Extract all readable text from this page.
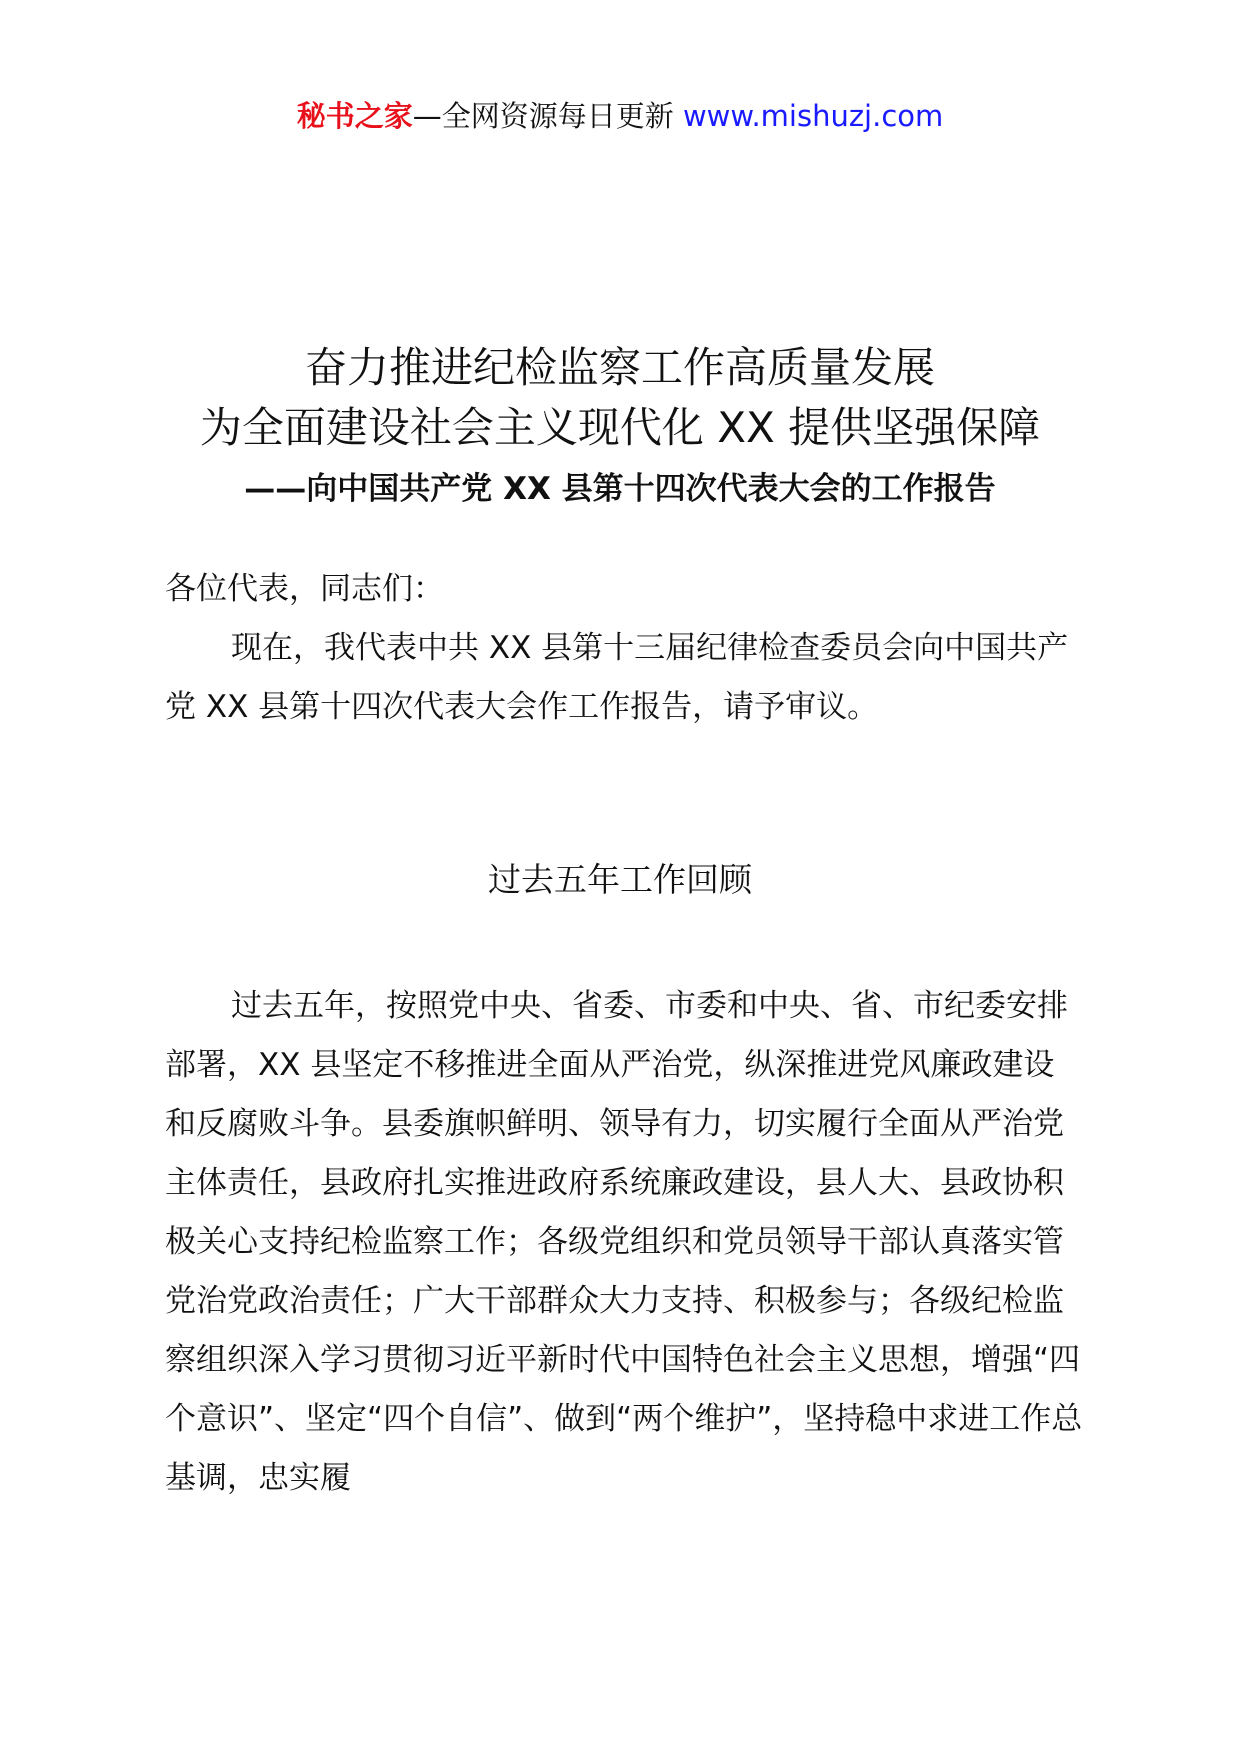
秘书之家—全网资源每日更新 www.mishuzj.com
奋力推进纪检监察工作高质量发展
为全面建设社会主义现代化 XX 提供坚强保障
——向中国共产党 XX 县第十四次代表大会的工作报告
各位代表，同志们：
现在，我代表中共 XX 县第十三届纪律检查委员会向中国共产党 XX 县第十四次代表大会作工作报告，请予审议。
过去五年工作回顾
过去五年，按照党中央、省委、市委和中央、省、市纪委安排部署，XX 县坚定不移推进全面从严治党，纵深推进党风廉政建设和反腐败斗争。县委旗帜鲜明、领导有力，切实履行全面从严治党主体责任，县政府扎实推进政府系统廉政建设，县人大、县政协积极关心支持纪检监察工作；各级党组织和党员领导干部认真落实管党治党政治责任；广大干部群众大力支持、积极参与；各级纪检监察组织深入学习贯彻习近平新时代中国特色社会主义思想，增强“四个意识”、坚定“四个自信”、做到“两个维护”，坚持稳中求进工作总基调，忠实履
